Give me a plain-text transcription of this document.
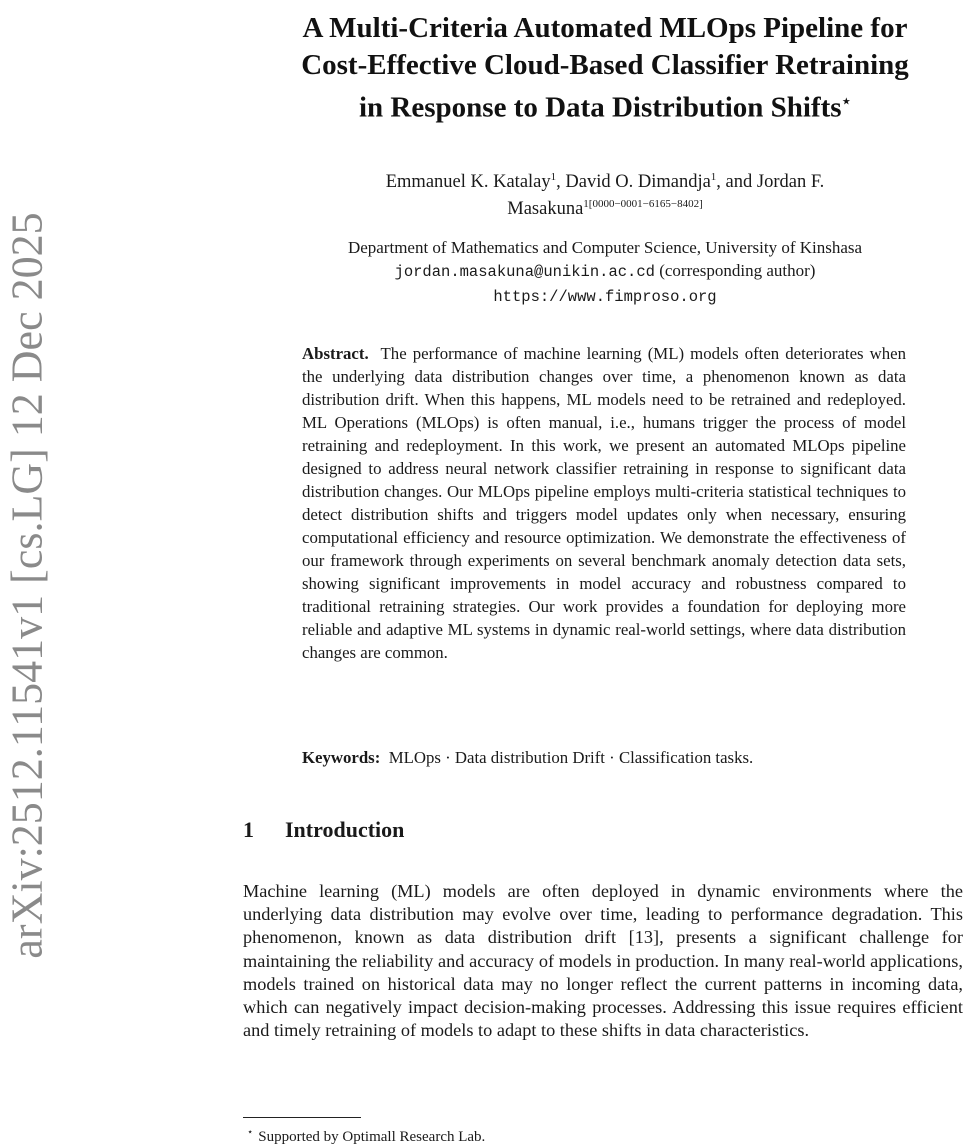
arXiv:2512.11541v1 [cs.LG] 12 Dec 2025
A Multi-Criteria Automated MLOps Pipeline for
Cost-Effective Cloud-Based Classifier Retraining
in Response to Data Distribution Shifts⋆
Emmanuel K. Katalay$^1$, David O. Dimandja$^1$, and Jordan F.
Masakuna$^{1[0000-0001-6165-8402]}$
Department of Mathematics and Computer Science, University of Kinshasa
jordan.masakuna@unikin.ac.cd (corresponding author)
https://www.fimproso.org
Abstract. The performance of machine learning (ML) models often deteriorates when the underlying data distribution changes over time, a phenomenon known as data distribution drift. When this happens, ML models need to be retrained and redeployed. ML Operations (MLOps) is often manual, i.e., humans trigger the process of model retraining and redeployment. In this work, we present an automated MLOps pipeline designed to address neural network classifier retraining in response to significant data distribution changes. Our MLOps pipeline employs multi-criteria statistical techniques to detect distribution shifts and triggers model updates only when necessary, ensuring computational efficiency and resource optimization. We demonstrate the effectiveness of our framework through experiments on several benchmark anomaly detection data sets, showing significant improvements in model accuracy and robustness compared to traditional retraining strategies. Our work provides a foundation for deploying more reliable and adaptive ML systems in dynamic real-world settings, where data distribution changes are common.
Keywords: MLOps · Data distribution Drift · Classification tasks.
1 Introduction
Machine learning (ML) models are often deployed in dynamic environments where the underlying data distribution may evolve over time, leading to performance degradation. This phenomenon, known as data distribution drift [13], presents a significant challenge for maintaining the reliability and accuracy of models in production. In many real-world applications, models trained on historical data may no longer reflect the current patterns in incoming data, which can negatively impact decision-making processes. Addressing this issue requires efficient and timely retraining of models to adapt to these shifts in data characteristics.
⋆ Supported by Optimall Research Lab.
